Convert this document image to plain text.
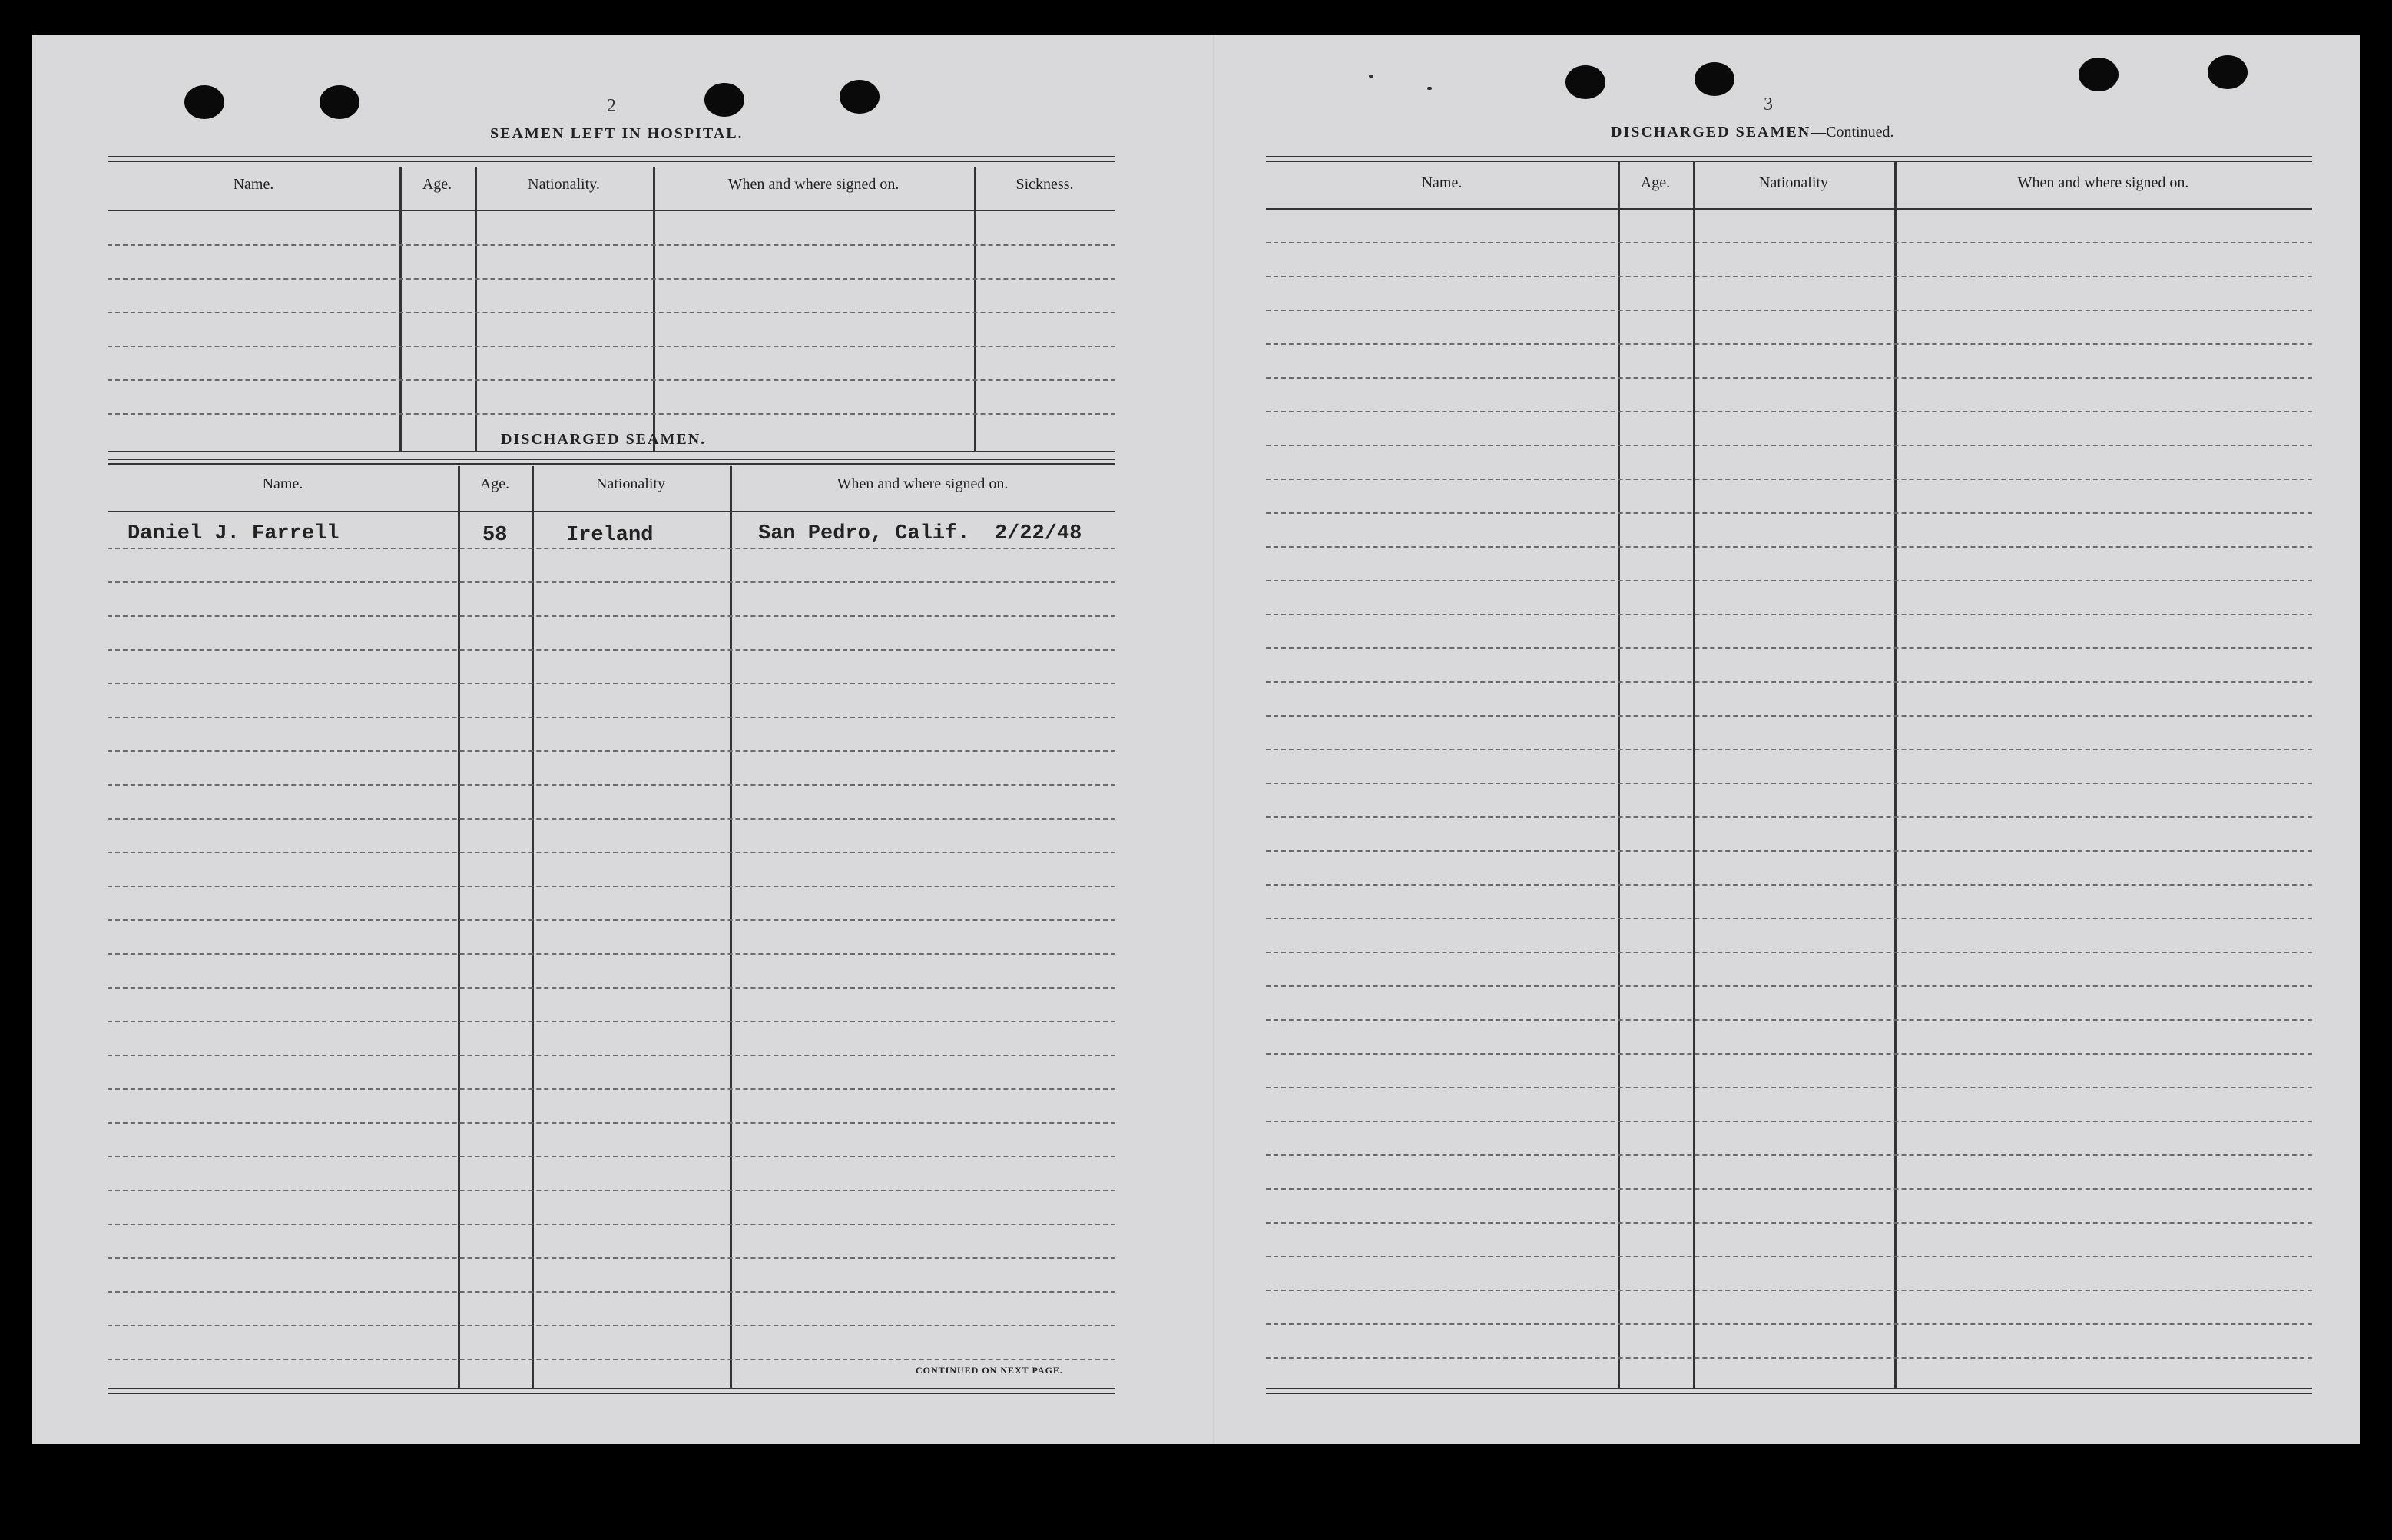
2
SEAMEN LEFT IN HOSPITAL.
Name.	Age.	Nationality.	When and where signed on.	Sickness.
DISCHARGED SEAMEN.
Name.	Age.	Nationality	When and where signed on.
Daniel J. Farrell	58	Ireland	San Pedro, Calif.  2/22/48
CONTINUED ON NEXT PAGE.
3
DISCHARGED SEAMEN—Continued.
Name.	Age.	Nationality	When and where signed on.
